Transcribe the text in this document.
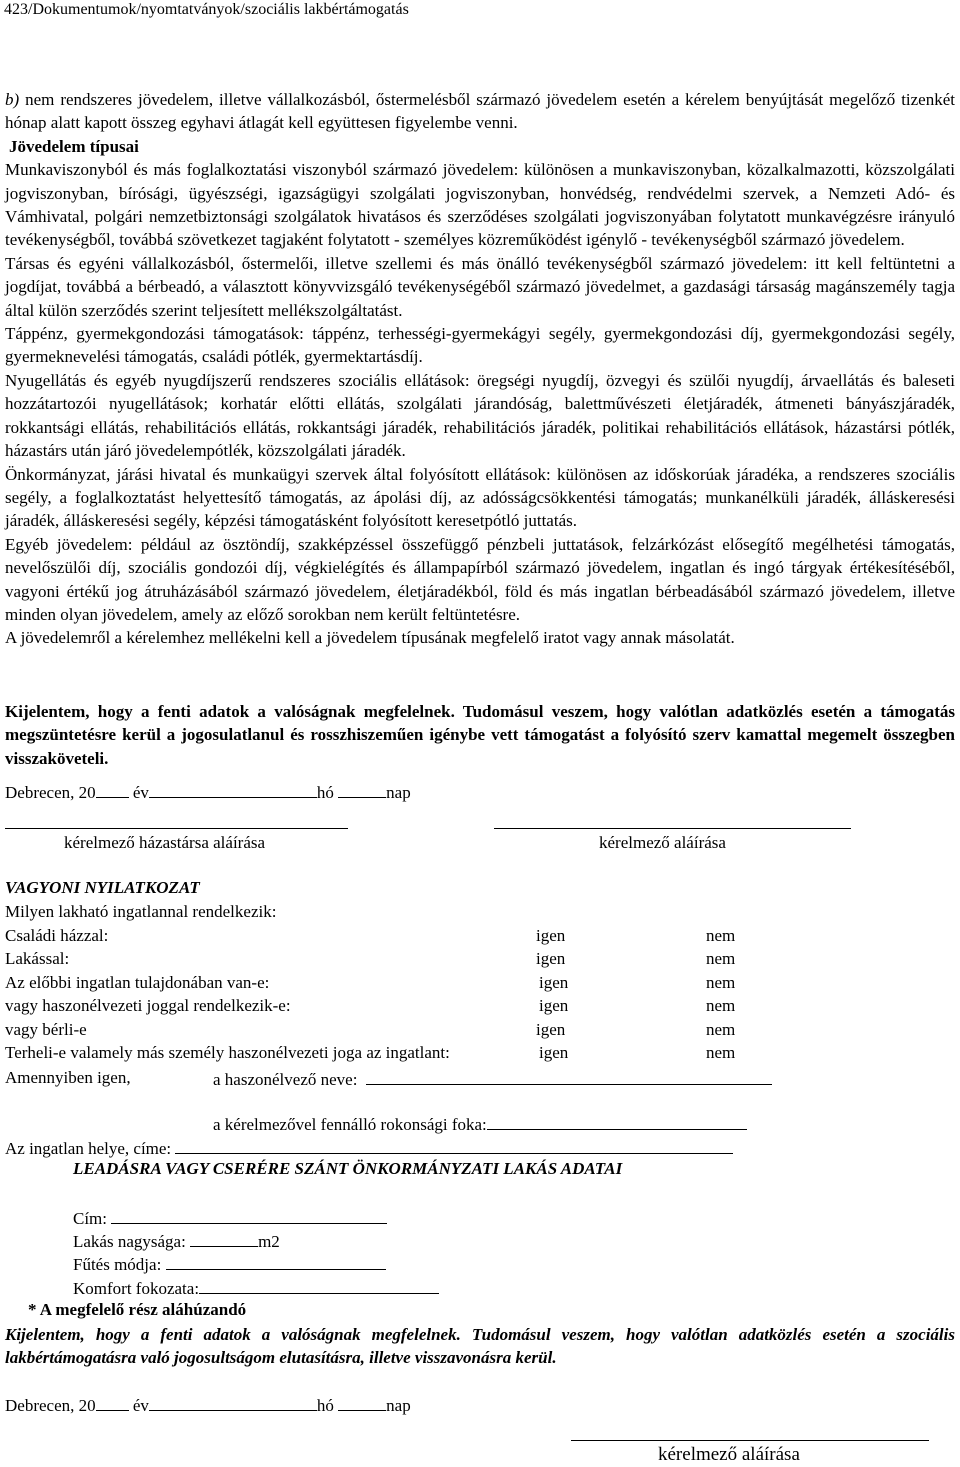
423/Dokumentumok/nyomtatványok/szociális lakbértámogatás

b) nem rendszeres jövedelem, illetve vállalkozásból, őstermelésből származó jövedelem esetén a kérelem benyújtását megelőző tizenkét hónap alatt kapott összeg egyhavi átlagát kell együttesen figyelembe venni.

Jövedelem típusai

Munkaviszonyból és más foglalkoztatási viszonyból származó jövedelem: különösen a munkaviszonyban, közalkalmazotti, közszolgálati jogviszonyban, bírósági, ügyészségi, igazságügyi szolgálati jogviszonyban, honvédség, rendvédelmi szervek, a Nemzeti Adó- és Vámhivatal, polgári nemzetbiztonsági szolgálatok hivatásos és szerződéses szolgálati jogviszonyában folytatott munkavégzésre irányuló tevékenységből, továbbá szövetkezet tagjaként folytatott - személyes közreműködést igénylő - tevékenységből származó jövedelem.

Társas és egyéni vállalkozásból, őstermelői, illetve szellemi és más önálló tevékenységből származó jövedelem: itt kell feltüntetni a jogdíjat, továbbá a bérbeadó, a választott könyvvizsgáló tevékenységéből származó jövedelmet, a gazdasági társaság magánszemély tagja által külön szerződés szerint teljesített mellékszolgáltatást.

Táppénz, gyermekgondozási támogatások: táppénz, terhességi-gyermekágyi segély, gyermekgondozási díj, gyermekgondozási segély, gyermeknevelési támogatás, családi pótlék, gyermektartásdíj.

Nyugellátás és egyéb nyugdíjszerű rendszeres szociális ellátások: öregségi nyugdíj, özvegyi és szülői nyugdíj, árvaellátás és baleseti hozzátartozói nyugellátások; korhatár előtti ellátás, szolgálati járandóság, balettművészeti életjáradék, átmeneti bányászjáradék, rokkantsági ellátás, rehabilitációs ellátás, rokkantsági járadék, rehabilitációs járadék, politikai rehabilitációs ellátások, házastársi pótlék, házastárs után járó jövedelempótlék, közszolgálati járadék.

Önkormányzat, járási hivatal és munkaügyi szervek által folyósított ellátások: különösen az időskorúak járadéka, a rendszeres szociális segély, a foglalkoztatást helyettesítő támogatás, az ápolási díj, az adósságcsökkentési támogatás; munkanélküli járadék, álláskeresési járadék, álláskeresési segély, képzési támogatásként folyósított keresetpótló juttatás.

Egyéb jövedelem: például az ösztöndíj, szakképzéssel összefüggő pénzbeli juttatások, felzárkózást elősegítő megélhetési támogatás, nevelőszülői díj, szociális gondozói díj, végkielégítés és állampapírból származó jövedelem, ingatlan és ingó tárgyak értékesítéséből, vagyoni értékű jog átruházásából származó jövedelem, életjáradékból, föld és más ingatlan bérbeadásából származó jövedelem, illetve minden olyan jövedelem, amely az előző sorokban nem került feltüntetésre.

A jövedelemről a kérelemhez mellékelni kell a jövedelem típusának megfelelő iratot vagy annak másolatát.

Kijelentem, hogy a fenti adatok a valóságnak megfelelnek. Tudomásul veszem, hogy valótlan adatközlés esetén a támogatás megszüntetésre kerül a jogosulatlanul és rosszhiszeműen igénybe vett támogatást a folyósító szerv kamattal megemelt összegben visszaköveteli.

Debrecen, 20 év	hó	nap
kérelmező házastársa aláírása	kérelmező aláírása
VAGYONI NYILATKOZAT
Milyen lakható ingatlannal rendelkezik:
Családi házzal:	igen	nem
Lakással:	igen	nem
Az előbbi ingatlan tulajdonában van-e:	igen	nem
vagy haszonélvezeti joggal rendelkezik-e:	igen	nem
vagy bérli-e	igen	nem
Terheli-e valamely más személy haszonélvezeti joga az ingatlant:	igen	nem
Amennyiben igen,	a haszonélvező neve:
a kérelmezővel fennálló rokonsági foka:
Az ingatlan helye, címe:
LEADÁSRA VAGY CSERÉRE SZÁNT ÖNKORMÁNYZATI LAKÁS ADATAI
Cím:
Lakás nagysága:	m2
Fűtés módja:
Komfort fokozata:
* A megfelelő rész aláhúzandó

Kijelentem, hogy a fenti adatok a valóságnak megfelelnek. Tudomásul veszem, hogy valótlan adatközlés esetén a szociális lakbértámogatásra való jogosultságom elutasításra, illetve visszavonásra kerül.

Debrecen, 20 év	hó	nap
kérelmező aláírása
